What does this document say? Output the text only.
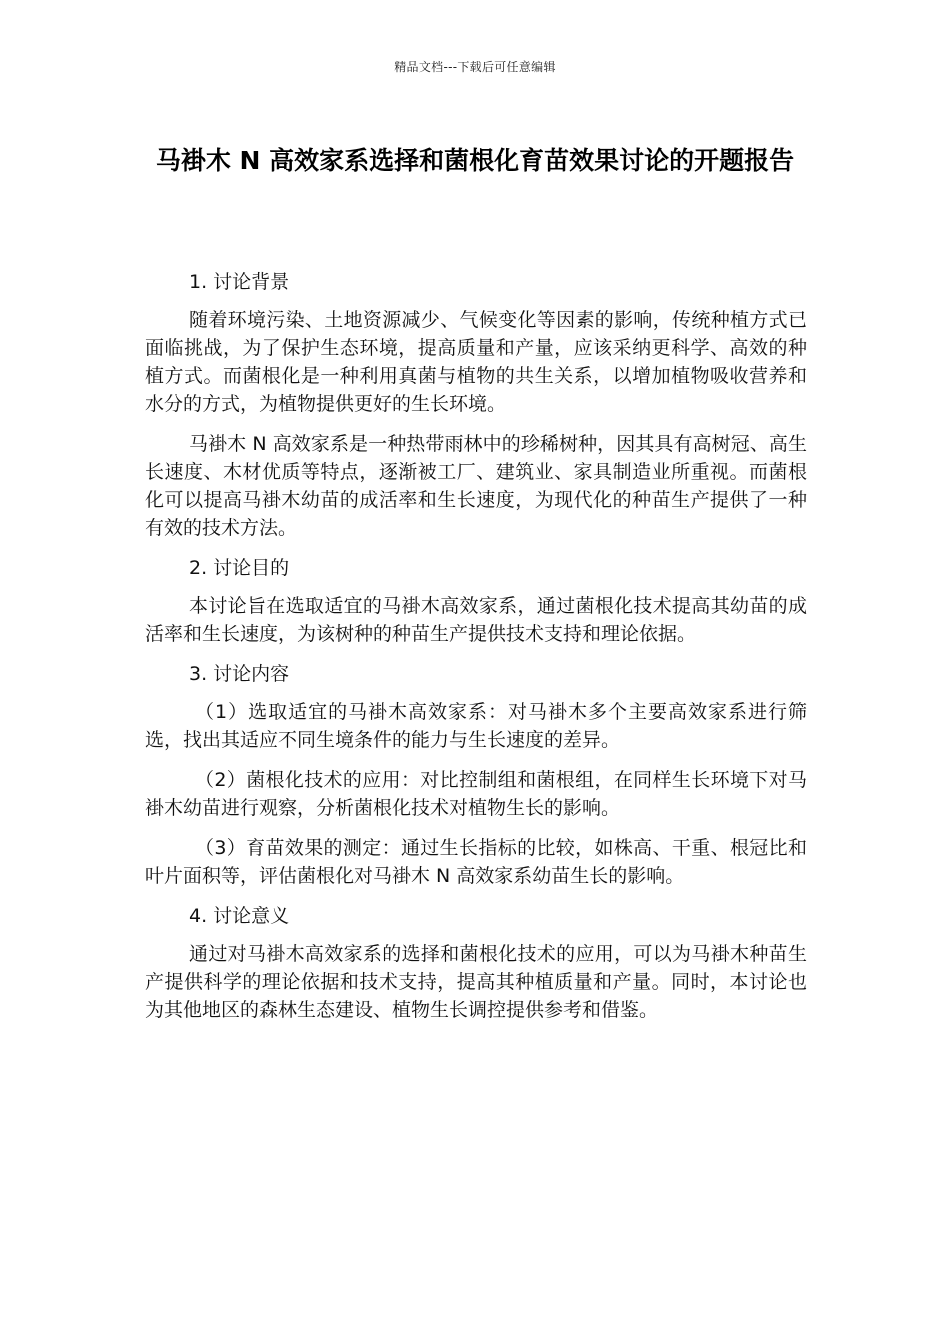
精品文档---下载后可任意编辑
马褂木 N 高效家系选择和菌根化育苗效果讨论的开题报告

1. 讨论背景

随着环境污染、土地资源减少、气候变化等因素的影响，传统种植方式已面临挑战，为了保护生态环境，提高质量和产量，应该采纳更科学、高效的种植方式。而菌根化是一种利用真菌与植物的共生关系，以增加植物吸收营养和水分的方式，为植物提供更好的生长环境。

马褂木 N 高效家系是一种热带雨林中的珍稀树种，因其具有高树冠、高生长速度、木材优质等特点，逐渐被工厂、建筑业、家具制造业所重视。而菌根化可以提高马褂木幼苗的成活率和生长速度，为现代化的种苗生产提供了一种有效的技术方法。

2. 讨论目的

本讨论旨在选取适宜的马褂木高效家系，通过菌根化技术提高其幼苗的成活率和生长速度，为该树种的种苗生产提供技术支持和理论依据。

3. 讨论内容

（1）选取适宜的马褂木高效家系：对马褂木多个主要高效家系进行筛选，找出其适应不同生境条件的能力与生长速度的差异。

（2）菌根化技术的应用：对比控制组和菌根组，在同样生长环境下对马褂木幼苗进行观察，分析菌根化技术对植物生长的影响。

（3）育苗效果的测定：通过生长指标的比较，如株高、干重、根冠比和叶片面积等，评估菌根化对马褂木 N 高效家系幼苗生长的影响。

4. 讨论意义

通过对马褂木高效家系的选择和菌根化技术的应用，可以为马褂木种苗生产提供科学的理论依据和技术支持，提高其种植质量和产量。同时，本讨论也为其他地区的森林生态建设、植物生长调控提供参考和借鉴。
